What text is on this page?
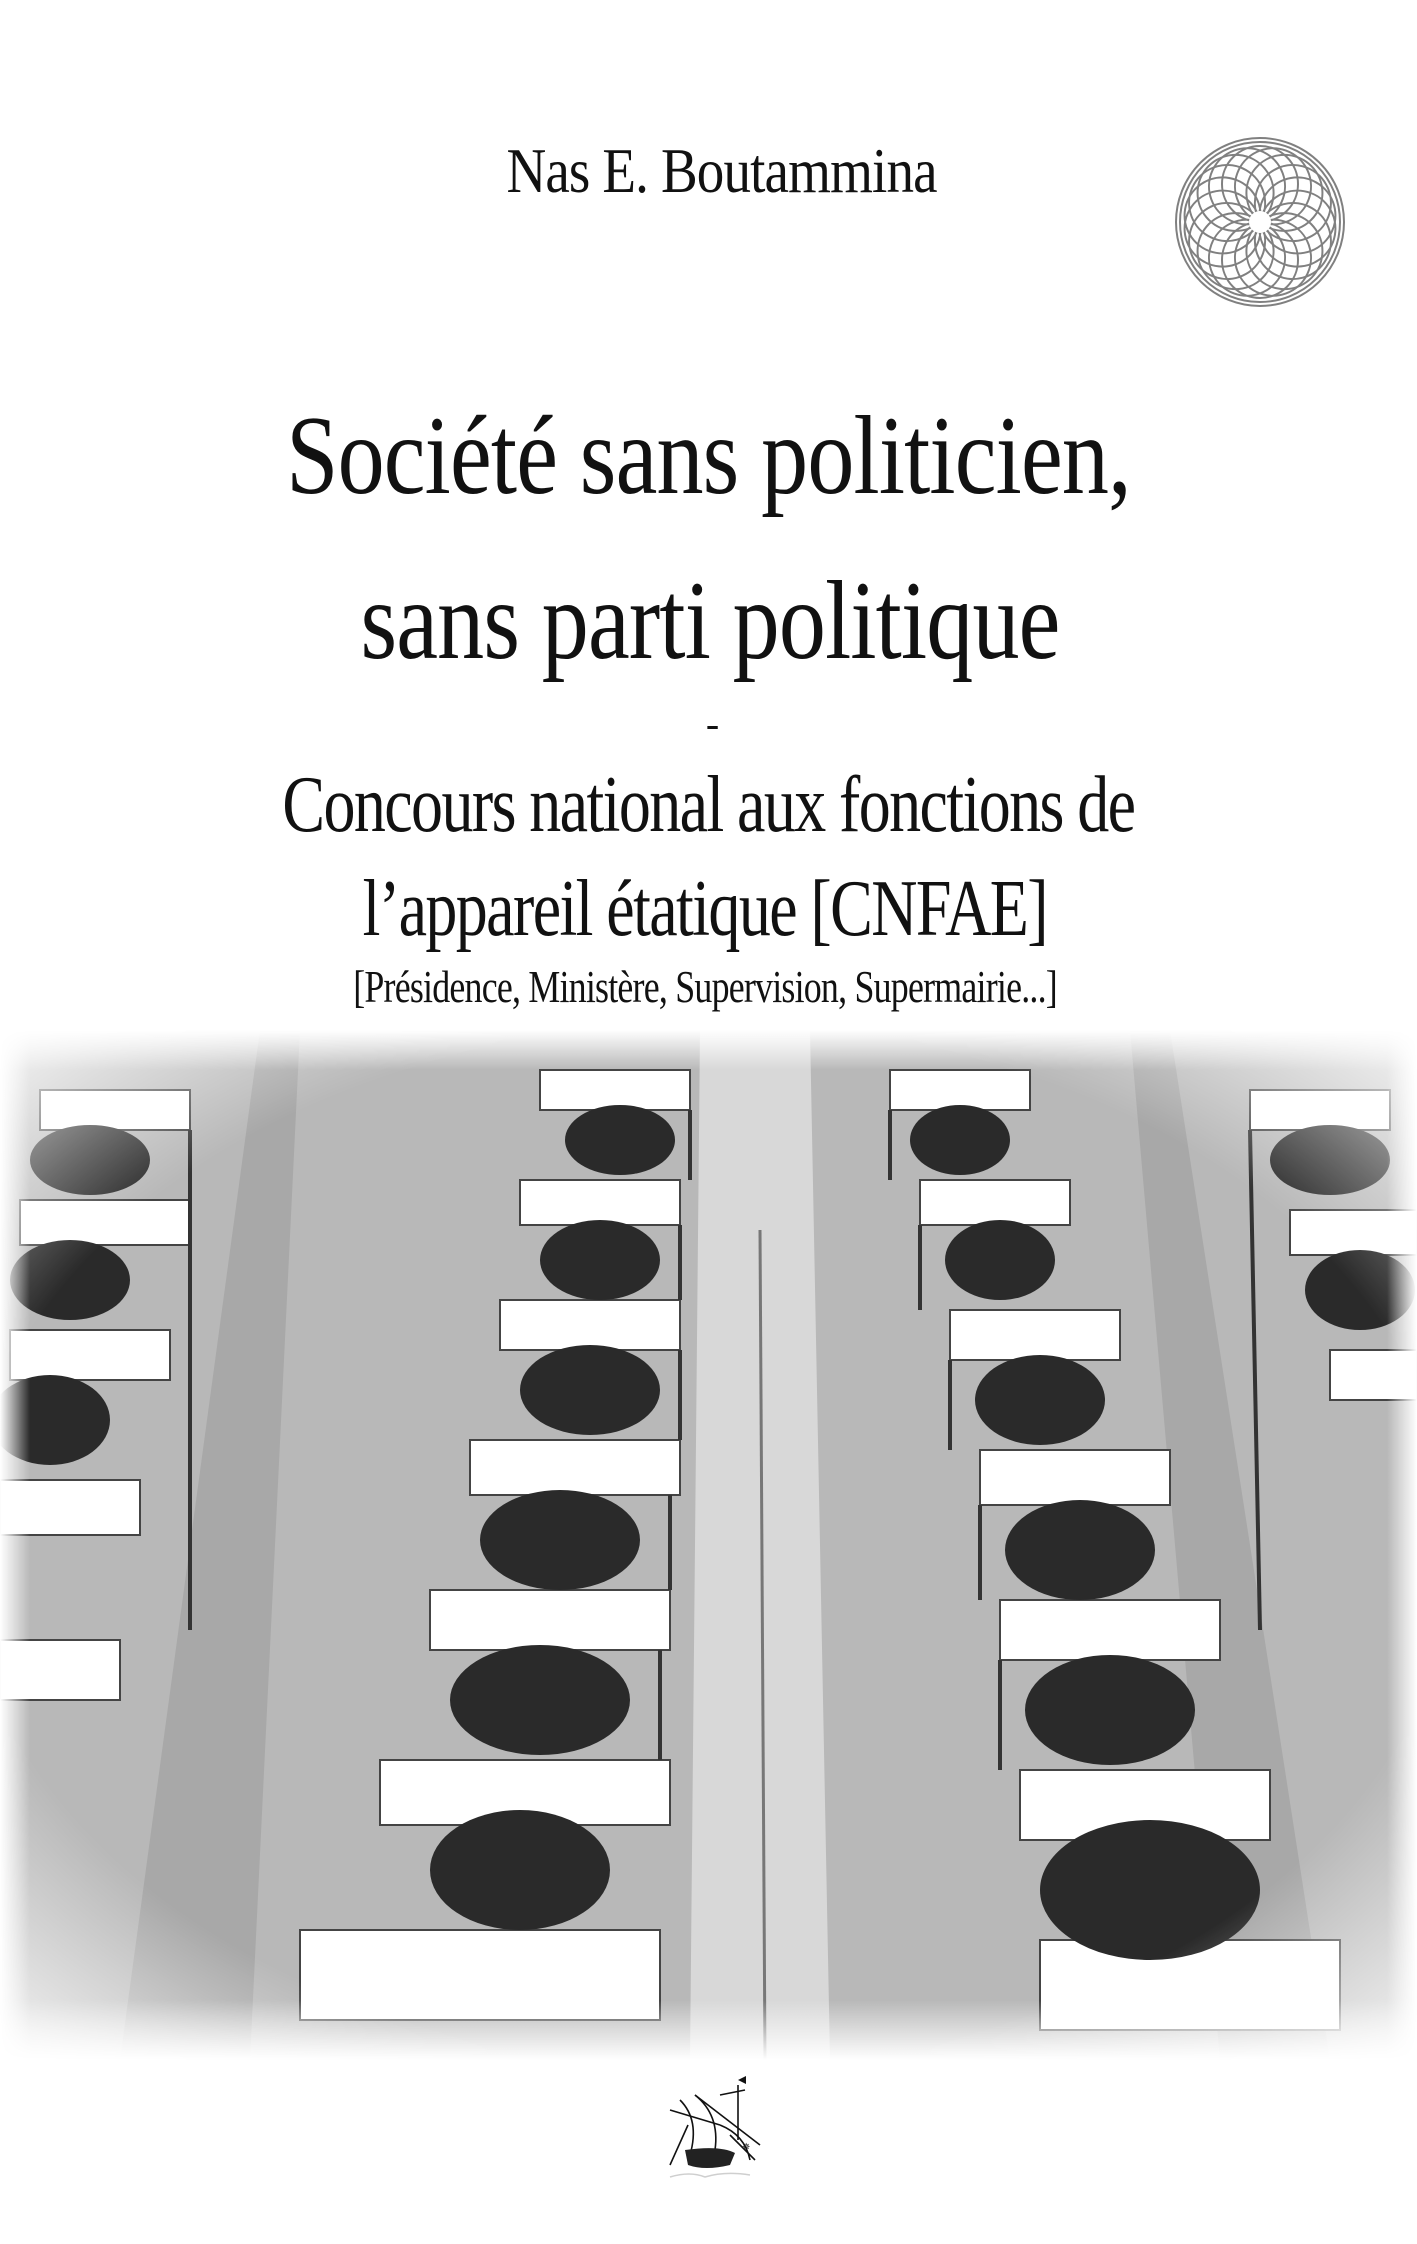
Nas E. Boutammina
Société sans politicien,
sans parti politique
-
Concours national aux fonctions de
l’appareil étatique [CNFAE]
[Présidence, Ministère, Supervision, Supermairie...]
✵
